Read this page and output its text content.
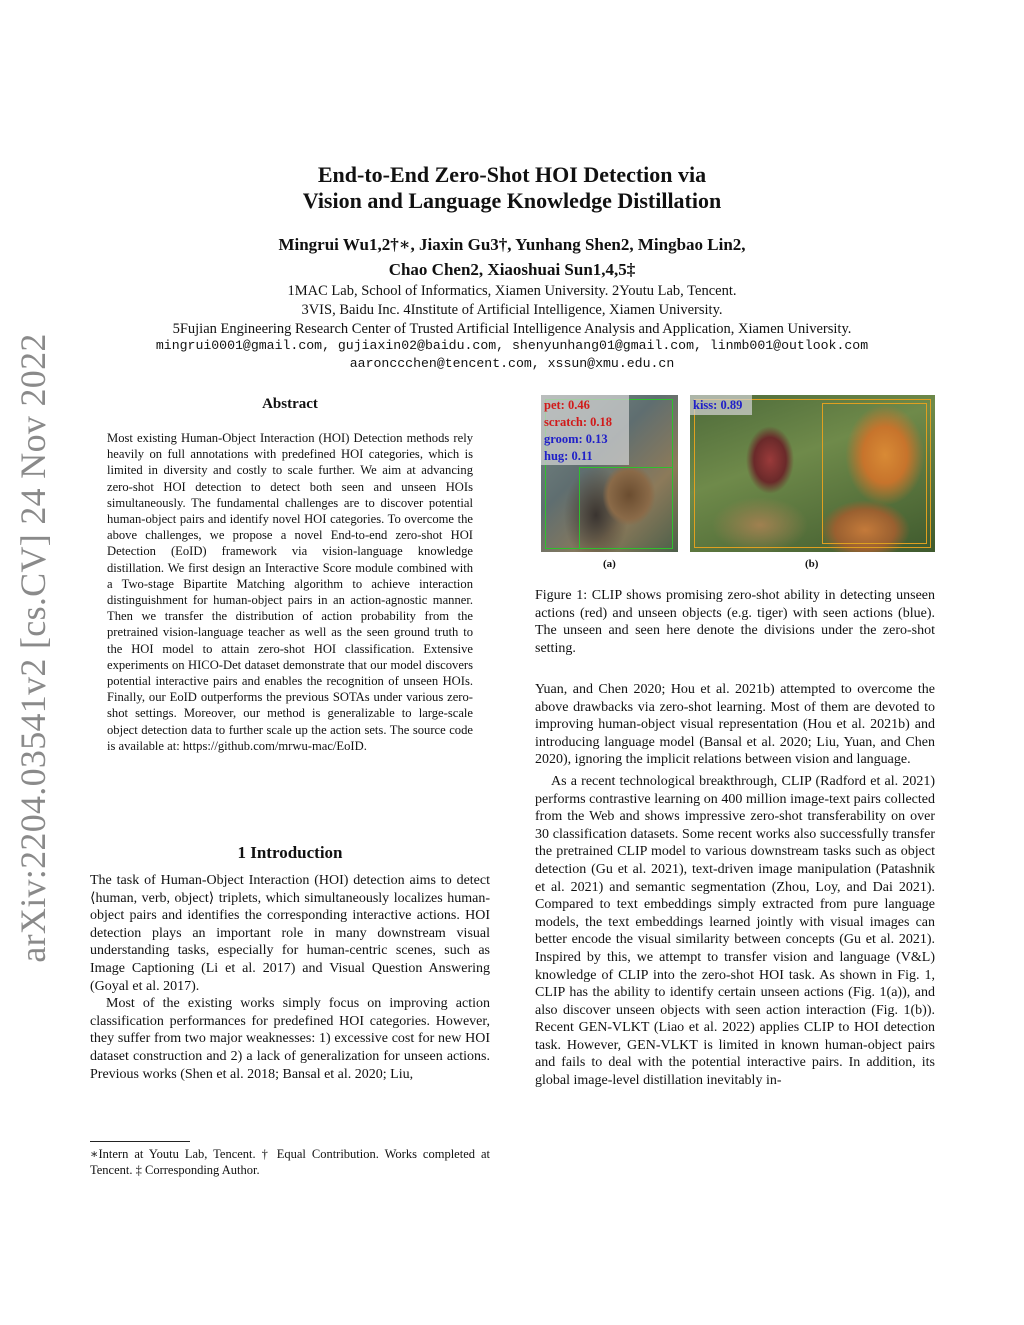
arXiv:2204.03541v2 [cs.CV] 24 Nov 2022
End-to-End Zero-Shot HOI Detection via
Vision and Language Knowledge Distillation
Mingrui Wu1,2†∗, Jiaxin Gu3†, Yunhang Shen2, Mingbao Lin2,
Chao Chen2, Xiaoshuai Sun1,4,5‡
1MAC Lab, School of Informatics, Xiamen University. 2Youtu Lab, Tencent.
3VIS, Baidu Inc. 4Institute of Artificial Intelligence, Xiamen University.
5Fujian Engineering Research Center of Trusted Artificial Intelligence Analysis and Application, Xiamen University.
mingrui0001@gmail.com, gujiaxin02@baidu.com, shenyunhang01@gmail.com, linmb001@outlook.com
aaronccchen@tencent.com, xssun@xmu.edu.cn
Abstract
Most existing Human-Object Interaction (HOI) Detection methods rely heavily on full annotations with predefined HOI categories, which is limited in diversity and costly to scale further. We aim at advancing zero-shot HOI detection to detect both seen and unseen HOIs simultaneously. The fundamental challenges are to discover potential human-object pairs and identify novel HOI categories. To overcome the above challenges, we propose a novel End-to-end zero-shot HOI Detection (EoID) framework via vision-language knowledge distillation. We first design an Interactive Score module combined with a Two-stage Bipartite Matching algorithm to achieve interaction distinguishment for human-object pairs in an action-agnostic manner. Then we transfer the distribution of action probability from the pretrained vision-language teacher as well as the seen ground truth to the HOI model to attain zero-shot HOI classification. Extensive experiments on HICO-Det dataset demonstrate that our model discovers potential interactive pairs and enables the recognition of unseen HOIs. Finally, our EoID outperforms the previous SOTAs under various zero-shot settings. Moreover, our method is generalizable to large-scale object detection data to further scale up the action sets. The source code is available at: https://github.com/mrwu-mac/EoID.
1 Introduction

The task of Human-Object Interaction (HOI) detection aims to detect ⟨human, verb, object⟩ triplets, which simultaneously localizes human-object pairs and identifies the corresponding interactive actions. HOI detection plays an important role in many downstream visual understanding tasks, especially for human-centric scenes, such as Image Captioning (Li et al. 2017) and Visual Question Answering (Goyal et al. 2017).

Most of the existing works simply focus on improving action classification performances for predefined HOI categories. However, they suffer from two major weaknesses: 1) excessive cost for new HOI dataset construction and 2) a lack of generalization for unseen actions. Previous works (Shen et al. 2018; Bansal et al. 2020; Liu,

∗Intern at Youtu Lab, Tencent. † Equal Contribution. Works completed at Tencent. ‡ Corresponding Author.
pet: 0.46
scratch: 0.18
groom: 0.13
hug: 0.11
kiss: 0.89
(a)	(b)
Figure 1: CLIP shows promising zero-shot ability in detecting unseen actions (red) and unseen objects (e.g. tiger) with seen actions (blue). The unseen and seen here denote the divisions under the zero-shot setting.

Yuan, and Chen 2020; Hou et al. 2021b) attempted to overcome the above drawbacks via zero-shot learning. Most of them are devoted to improving human-object visual representation (Hou et al. 2021b) and introducing language model (Bansal et al. 2020; Liu, Yuan, and Chen 2020), ignoring the implicit relations between vision and language.

As a recent technological breakthrough, CLIP (Radford et al. 2021) performs contrastive learning on 400 million image-text pairs collected from the Web and shows impressive zero-shot transferability on over 30 classification datasets. Some recent works also successfully transfer the pretrained CLIP model to various downstream tasks such as object detection (Gu et al. 2021), text-driven image manipulation (Patashnik et al. 2021) and semantic segmentation (Zhou, Loy, and Dai 2021). Compared to text embeddings simply extracted from pure language models, the text embeddings learned jointly with visual images can better encode the visual similarity between concepts (Gu et al. 2021). Inspired by this, we attempt to transfer vision and language (V&L) knowledge of CLIP into the zero-shot HOI task. As shown in Fig. 1, CLIP has the ability to identify certain unseen actions (Fig. 1(a)), and also discover unseen objects with seen action interaction (Fig. 1(b)). Recent GEN-VLKT (Liao et al. 2022) applies CLIP to HOI detection task. However, GEN-VLKT is limited in known human-object pairs and fails to deal with the potential interactive pairs. In addition, its global image-level distillation inevitably in-
